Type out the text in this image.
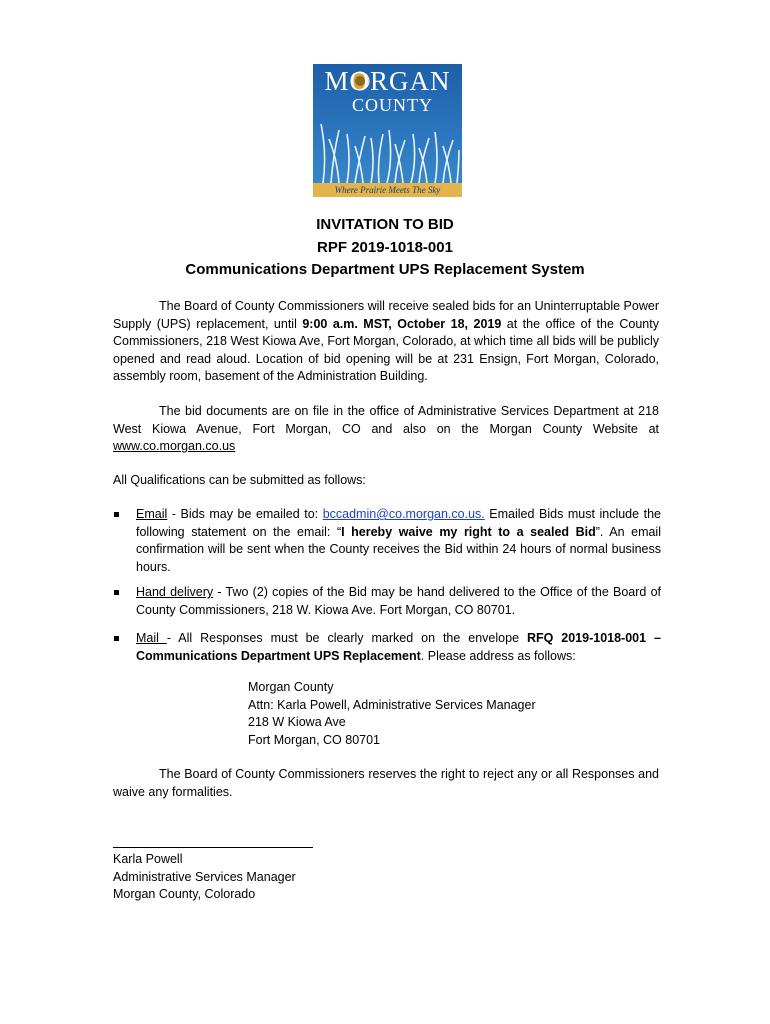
MORGAN
COUNTY
Where Prairie Meets The Sky
INVITATION TO BID
RPF 2019-1018-001
Communications Department UPS Replacement System
The Board of County Commissioners will receive sealed bids for an Uninterruptable Power Supply (UPS) replacement, until 9:00 a.m. MST, October 18, 2019 at the office of the County Commissioners, 218 West Kiowa Ave, Fort Morgan, Colorado, at which time all bids will be publicly opened and read aloud. Location of bid opening will be at 231 Ensign, Fort Morgan, Colorado, assembly room, basement of the Administration Building.
The bid documents are on file in the office of Administrative Services Department at 218 West Kiowa Avenue, Fort Morgan, CO and also on the Morgan County Website at www.co.morgan.co.us
All Qualifications can be submitted as follows:
Email - Bids may be emailed to: bccadmin@co.morgan.co.us. Emailed Bids must include the following statement on the email: “I hereby waive my right to a sealed Bid”. An email confirmation will be sent when the County receives the Bid within 24 hours of normal business hours.
Hand delivery - Two (2) copies of the Bid may be hand delivered to the Office of the Board of County Commissioners, 218 W. Kiowa Ave. Fort Morgan, CO 80701.
Mail - All Responses must be clearly marked on the envelope RFQ 2019-1018-001 – Communications Department UPS Replacement. Please address as follows:
Morgan County
Attn: Karla Powell, Administrative Services Manager
218 W Kiowa Ave
Fort Morgan, CO 80701
The Board of County Commissioners reserves the right to reject any or all Responses and waive any formalities.
Karla Powell
Administrative Services Manager
Morgan County, Colorado
